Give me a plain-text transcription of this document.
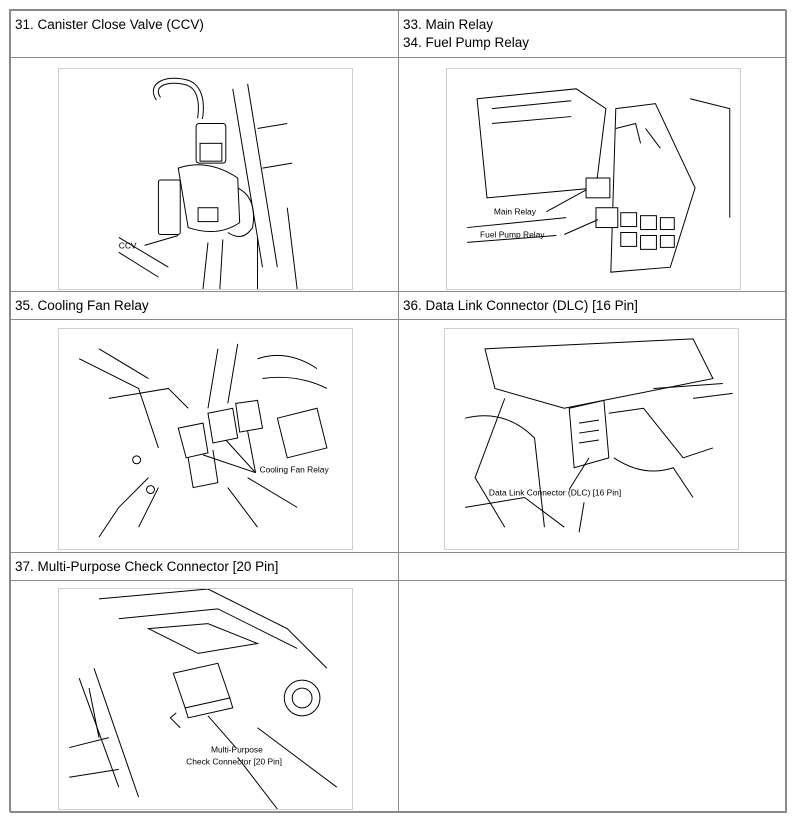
31. Canister Close Valve (CCV)	33. Main Relay
34. Fuel Pump Relay
CCV
Main Relay
Fuel Pump Relay
35. Cooling Fan Relay	36. Data Link Connector (DLC) [16 Pin]
Cooling Fan Relay
Data Link Connector (DLC) [16 Pin]
37. Multi-Purpose Check Connector [20 Pin]
Multi-Purpose
Check Connector [20 Pin]
